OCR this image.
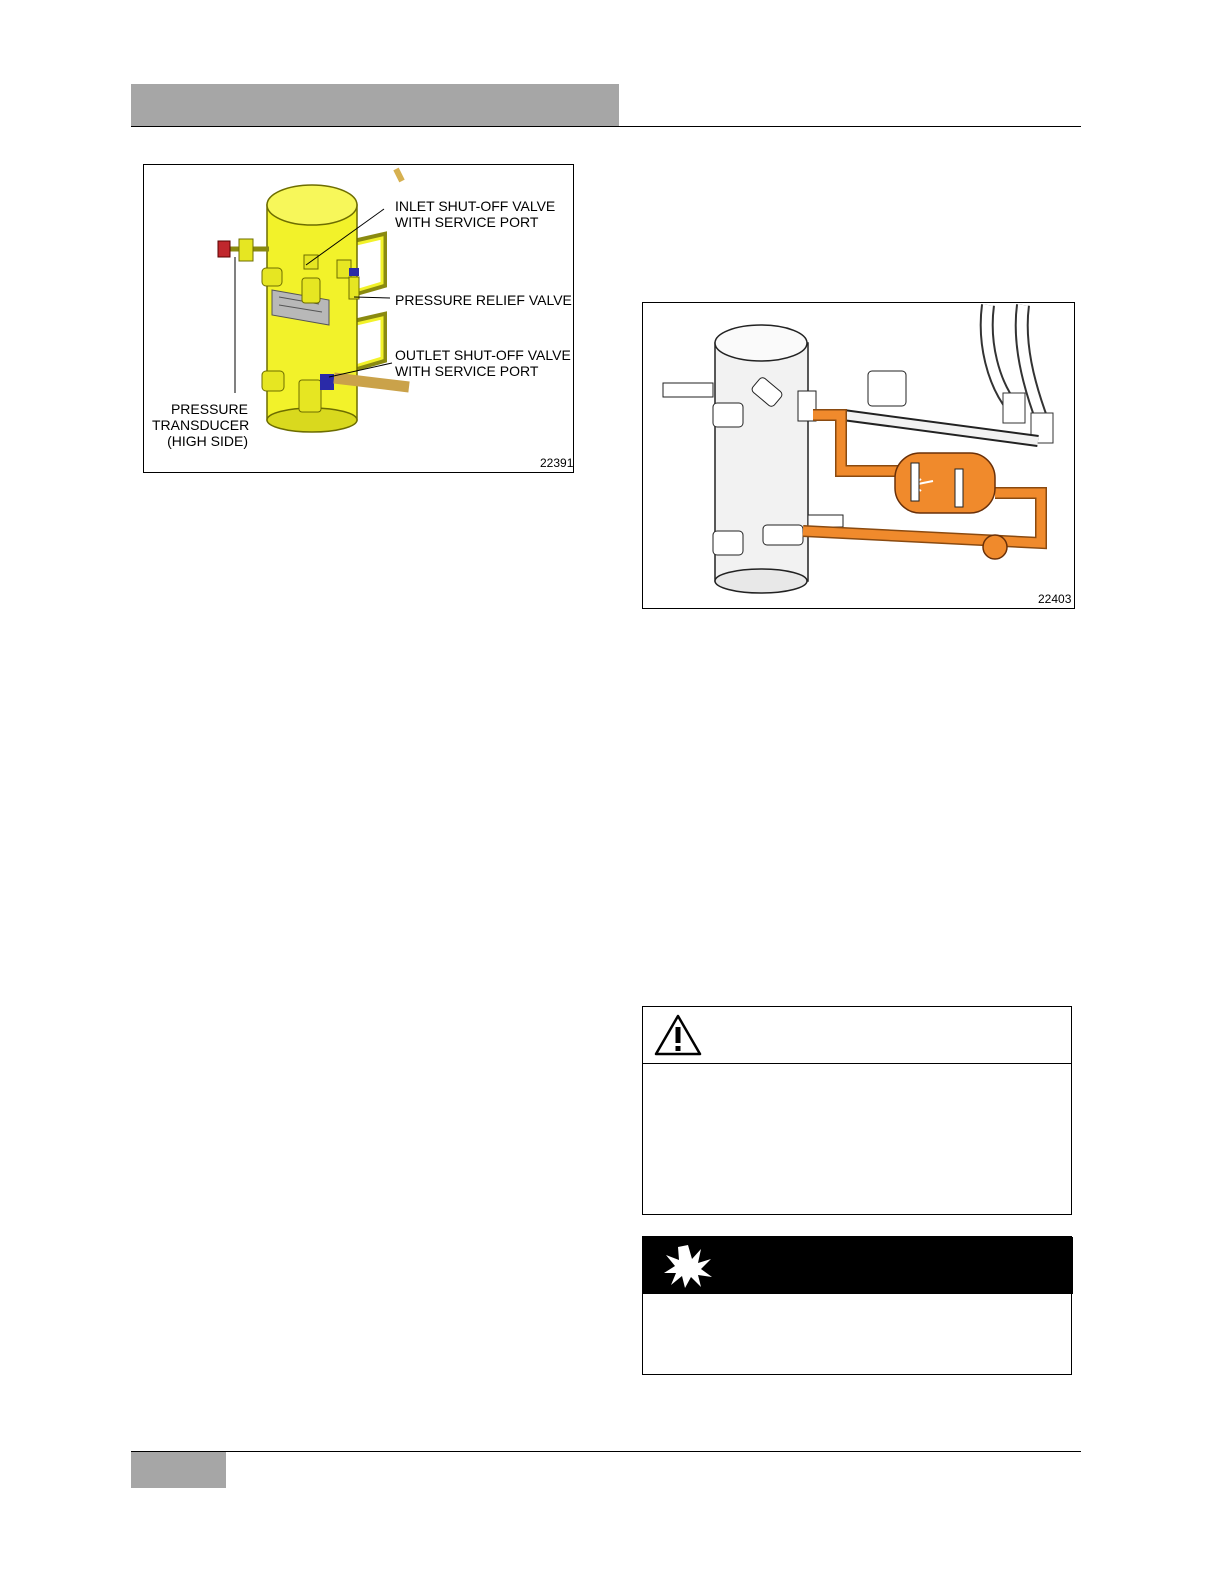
INLET SHUT-OFF VALVE
WITH SERVICE PORT
PRESSURE RELIEF VALVE
OUTLET SHUT-OFF VALVE
WITH SERVICE PORT
PRESSURE
TRANSDUCER
(HIGH SIDE)
22391
22403
